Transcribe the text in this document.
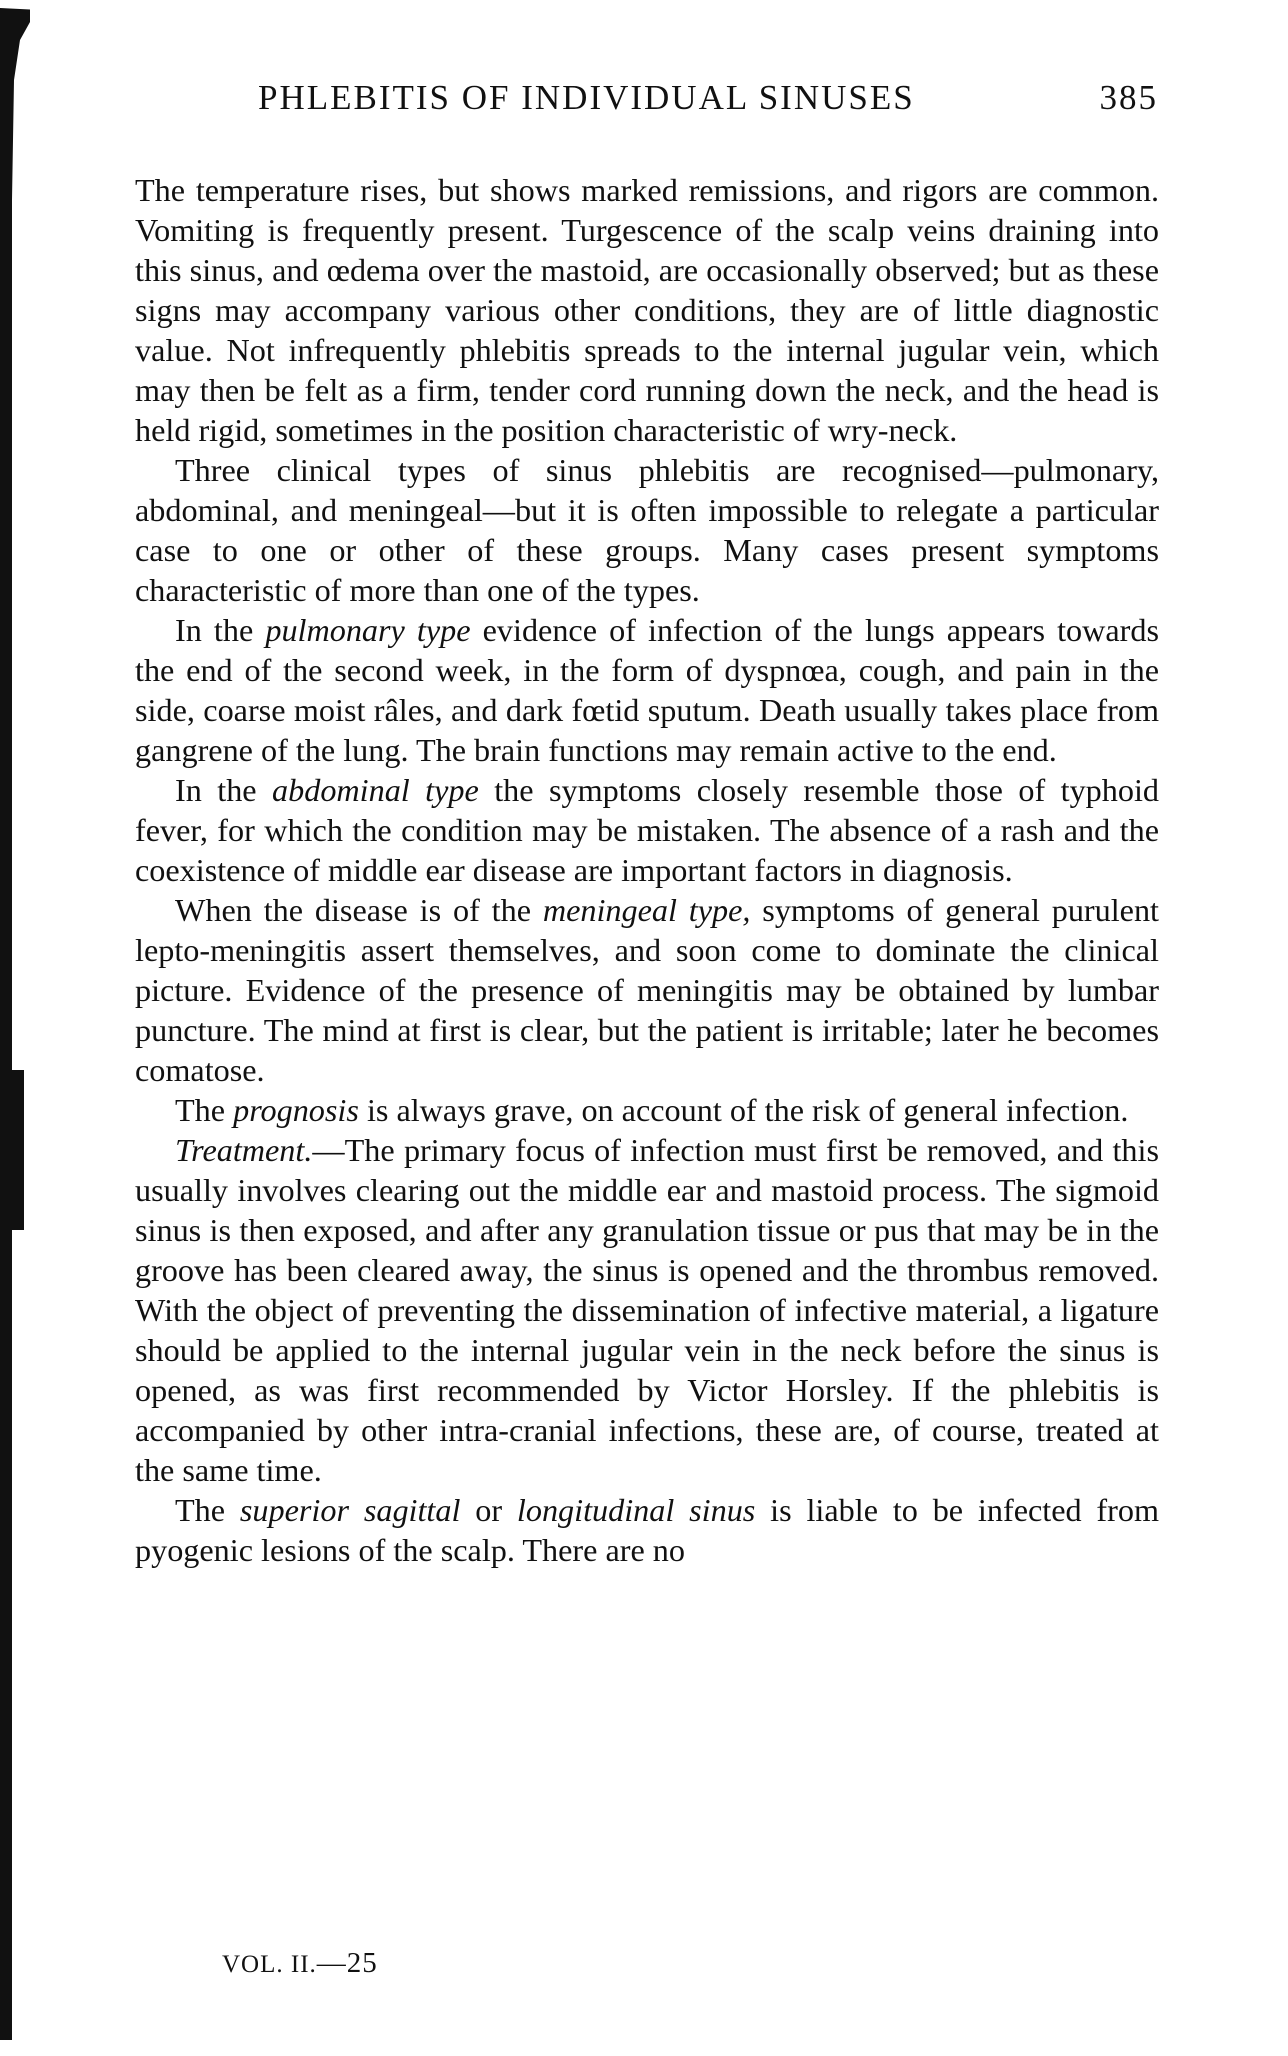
PHLEBITIS OF INDIVIDUAL SINUSES	385

The temperature rises, but shows marked remissions, and rigors are common. Vomiting is frequently present. Turgescence of the scalp veins draining into this sinus, and œdema over the mastoid, are occasionally observed; but as these signs may accompany various other conditions, they are of little diagnostic value. Not infrequently phlebitis spreads to the internal jugular vein, which may then be felt as a firm, tender cord running down the neck, and the head is held rigid, sometimes in the position characteristic of wry-neck.

Three clinical types of sinus phlebitis are recognised—pulmonary, abdominal, and meningeal—but it is often impossible to relegate a particular case to one or other of these groups. Many cases present symptoms characteristic of more than one of the types.

In the pulmonary type evidence of infection of the lungs appears towards the end of the second week, in the form of dyspnœa, cough, and pain in the side, coarse moist râles, and dark fœtid sputum. Death usually takes place from gangrene of the lung. The brain functions may remain active to the end.

In the abdominal type the symptoms closely resemble those of typhoid fever, for which the condition may be mistaken. The absence of a rash and the coexistence of middle ear disease are important factors in diagnosis.

When the disease is of the meningeal type, symptoms of general purulent lepto-meningitis assert themselves, and soon come to dominate the clinical picture. Evidence of the presence of meningitis may be obtained by lumbar puncture. The mind at first is clear, but the patient is irritable; later he becomes comatose.

The prognosis is always grave, on account of the risk of general infection.

Treatment.—The primary focus of infection must first be removed, and this usually involves clearing out the middle ear and mastoid process. The sigmoid sinus is then exposed, and after any granulation tissue or pus that may be in the groove has been cleared away, the sinus is opened and the thrombus removed. With the object of preventing the dissemination of infective material, a ligature should be applied to the internal jugular vein in the neck before the sinus is opened, as was first recommended by Victor Horsley. If the phlebitis is accompanied by other intra-cranial infections, these are, of course, treated at the same time.

The superior sagittal or longitudinal sinus is liable to be infected from pyogenic lesions of the scalp. There are no

VOL. II.—25
